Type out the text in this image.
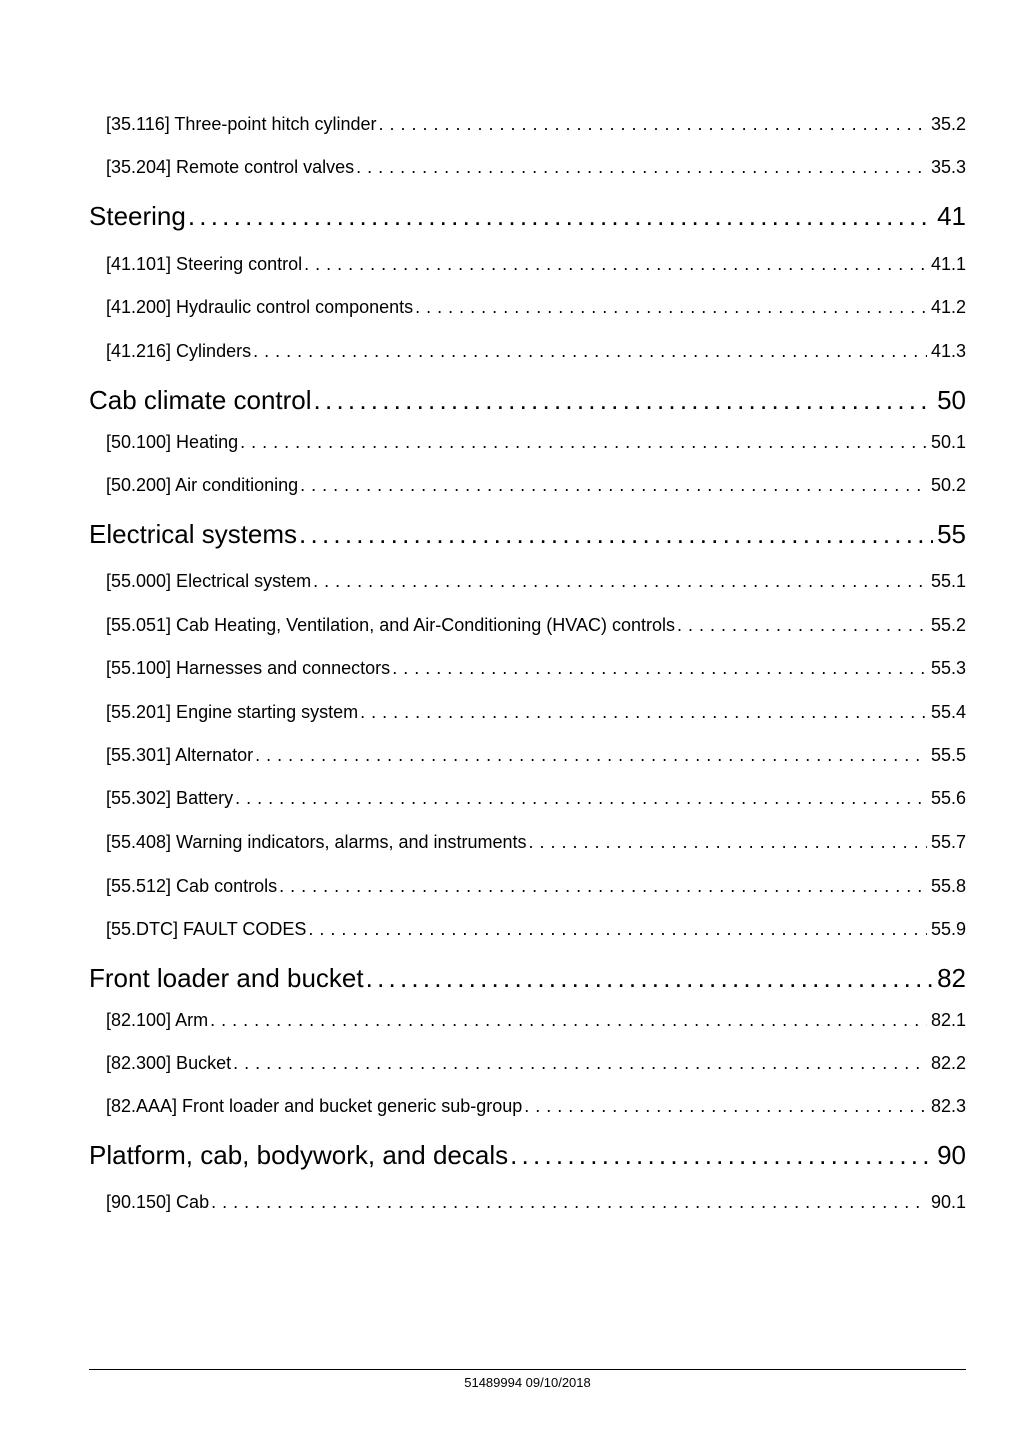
[35.116] Three-point hitch cylinder . . .	35.2
[35.204] Remote control valves . . .	35.3
Steering . . .	41
[41.101] Steering control . . .	41.1
[41.200] Hydraulic control components . . .	41.2
[41.216] Cylinders . . .	41.3
Cab climate control . . .	50
[50.100] Heating . . .	50.1
[50.200] Air conditioning . . .	50.2
Electrical systems . . .	55
[55.000] Electrical system . . .	55.1
[55.051] Cab Heating, Ventilation, and Air-Conditioning (HVAC) controls . . .	55.2
[55.100] Harnesses and connectors . . .	55.3
[55.201] Engine starting system . . .	55.4
[55.301] Alternator . . .	55.5
[55.302] Battery . . .	55.6
[55.408] Warning indicators, alarms, and instruments . . .	55.7
[55.512] Cab controls . . .	55.8
[55.DTC] FAULT CODES . . .	55.9
Front loader and bucket . . .	82
[82.100] Arm . . .	82.1
[82.300] Bucket . . .	82.2
[82.AAA] Front loader and bucket generic sub-group . . .	82.3
Platform, cab, bodywork, and decals . . .	90
[90.150] Cab . . .	90.1
51489994 09/10/2018
